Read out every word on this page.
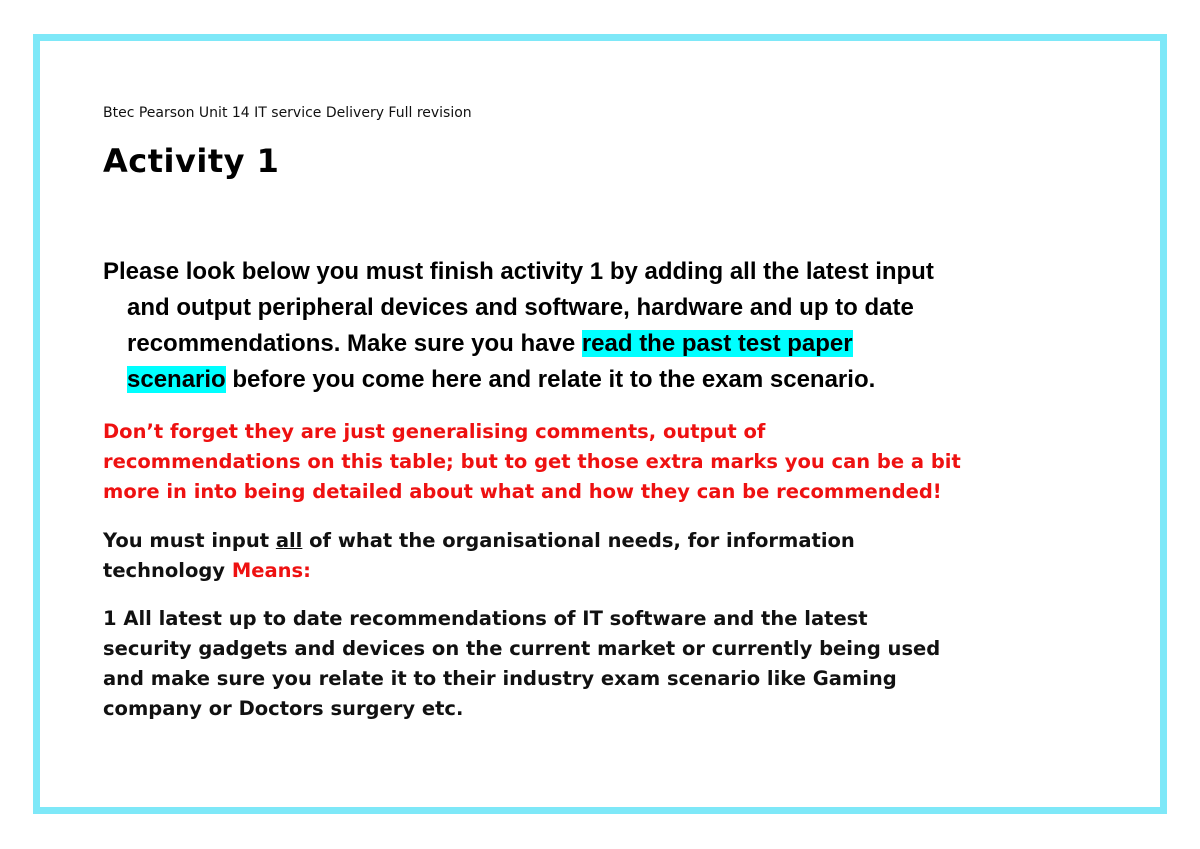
Btec Pearson Unit 14 IT service Delivery Full revision
Activity 1
Please look below you must finish activity 1 by adding all the latest input
and output peripheral devices and software, hardware and up to date
recommendations. Make sure you have read the past test paper
scenario before you come here and relate it to the exam scenario.
Don’t forget they are just generalising comments, output of
recommendations on this table; but to get those extra marks you can be a bit
more in into being detailed about what and how they can be recommended!
You must input all of what the organisational needs, for information
technology Means:
1 All latest up to date recommendations of IT software and the latest
security gadgets and devices on the current market or currently being used
and make sure you relate it to their industry exam scenario like Gaming
company or Doctors surgery etc.
